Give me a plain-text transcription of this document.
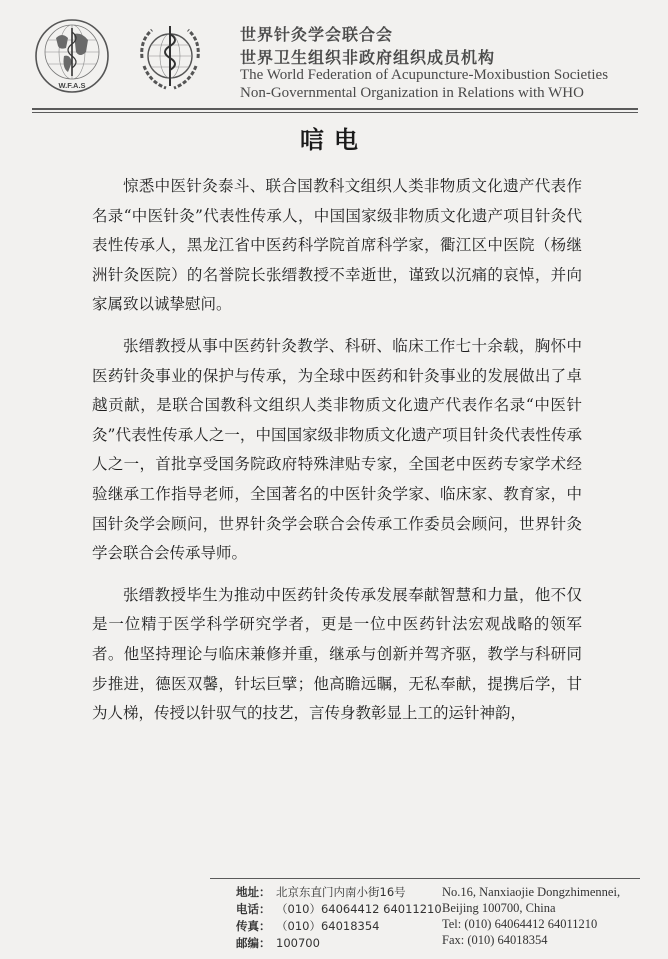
W.F.A.S
世界针灸学会联合会
世界卫生组织非政府组织成员机构
The World Federation of Acupuncture-Moxibustion Societies
Non-Governmental Organization in Relations with WHO
唁电

惊悉中医针灸泰斗、联合国教科文组织人类非物质文化遗产代表作名录“中医针灸”代表性传承人，中国国家级非物质文化遗产项目针灸代表性传承人，黑龙江省中医药科学院首席科学家，衢江区中医院（杨继洲针灸医院）的名誉院长张缙教授不幸逝世，谨致以沉痛的哀悼，并向家属致以诚挚慰问。

张缙教授从事中医药针灸教学、科研、临床工作七十余载，胸怀中医药针灸事业的保护与传承，为全球中医药和针灸事业的发展做出了卓越贡献，是联合国教科文组织人类非物质文化遗产代表作名录“中医针灸”代表性传承人之一，中国国家级非物质文化遗产项目针灸代表性传承人之一，首批享受国务院政府特殊津贴专家，全国老中医药专家学术经验继承工作指导老师，全国著名的中医针灸学家、临床家、教育家，中国针灸学会顾问，世界针灸学会联合会传承工作委员会顾问，世界针灸学会联合会传承导师。

张缙教授毕生为推动中医药针灸传承发展奉献智慧和力量，他不仅是一位精于医学科学研究学者，更是一位中医药针法宏观战略的领军者。他坚持理论与临床兼修并重，继承与创新并驾齐驱，教学与科研同步推进，德医双馨，针坛巨擘；他高瞻远瞩，无私奉献，提携后学，甘为人梯，传授以针驭气的技艺，言传身教彰显上工的运针神韵，

地址：
电话：
传真：
邮编：
北京东直门内南小街16号
（010）64064412 64011210
（010）64018354
100700
No.16, Nanxiaojie Dongzhimennei,
Beijing 100700, China
Tel: (010) 64064412 64011210
Fax: (010) 64018354
